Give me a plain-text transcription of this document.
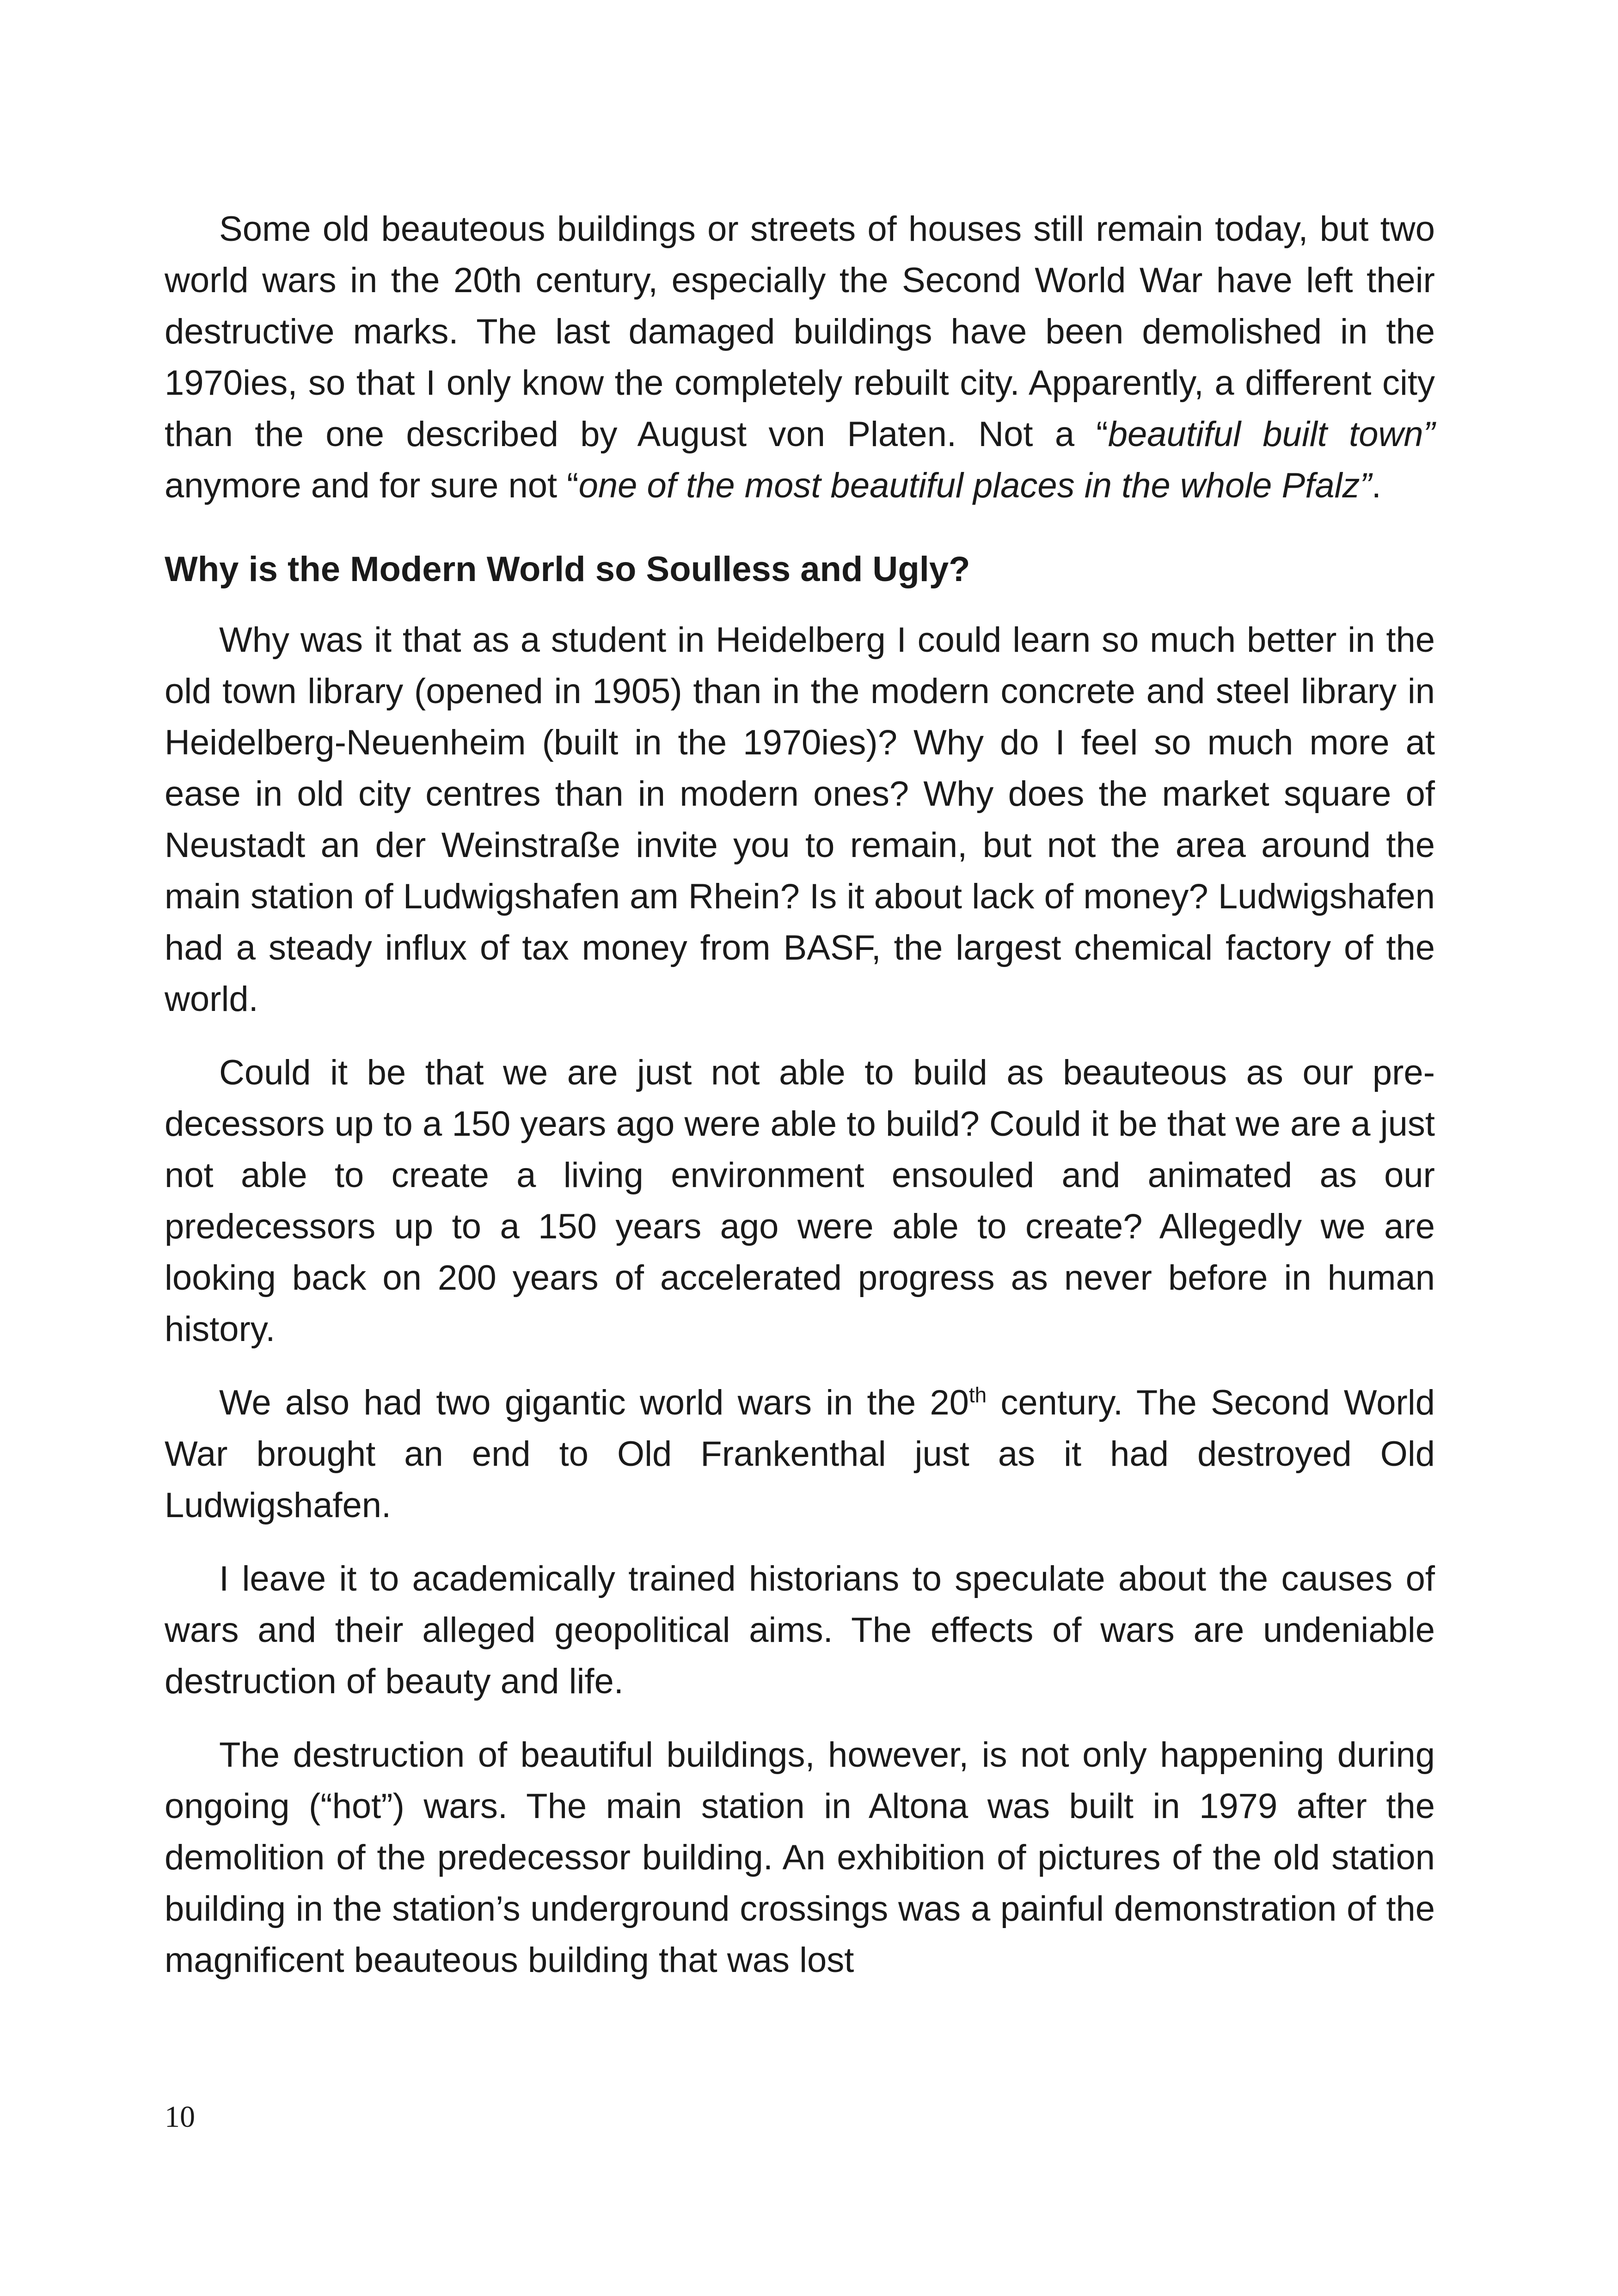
Some old beauteous buildings or streets of houses still remain today, but two world wars in the 20th century, especially the Second World War have left their destructive marks. The last damaged buildings have been demolished in the 1970ies, so that I only know the completely rebuilt city. Apparently, a different city than the one described by August von Platen. Not a “beautiful built town” anymore and for sure not “one of the most beautiful places in the whole Pfalz”.

Why is the Modern World so Soulless and Ugly?

Why was it that as a student in Heidelberg I could learn so much better in the old town library (opened in 1905) than in the modern concrete and steel library in Heidelberg-Neuenheim (built in the 1970ies)? Why do I feel so much more at ease in old city centres than in modern ones? Why does the market square of Neustadt an der Weinstraße invite you to remain, but not the area around the main station of Ludwigshafen am Rhein? Is it about lack of money? Ludwigshafen had a steady influx of tax money from BASF, the largest chemical factory of the world.

Could it be that we are just not able to build as beauteous as our predecessors up to a 150 years ago were able to build? Could it be that we are a just not able to create a living environment ensouled and animated as our predecessors up to a 150 years ago were able to create? Allegedly we are looking back on 200 years of accelerated progress as never before in human history.

We also had two gigantic world wars in the 20th century. The Second World War brought an end to Old Frankenthal just as it had destroyed Old Ludwigshafen.

I leave it to academically trained historians to speculate about the causes of wars and their alleged geopolitical aims. The effects of wars are undeniable destruction of beauty and life.

The destruction of beautiful buildings, however, is not only happening during ongoing (“hot”) wars. The main station in Altona was built in 1979 after the demolition of the predecessor building. An exhibition of pictures of the old station building in the station’s underground crossings was a painful demonstration of the magnificent beauteous building that was lost

10
